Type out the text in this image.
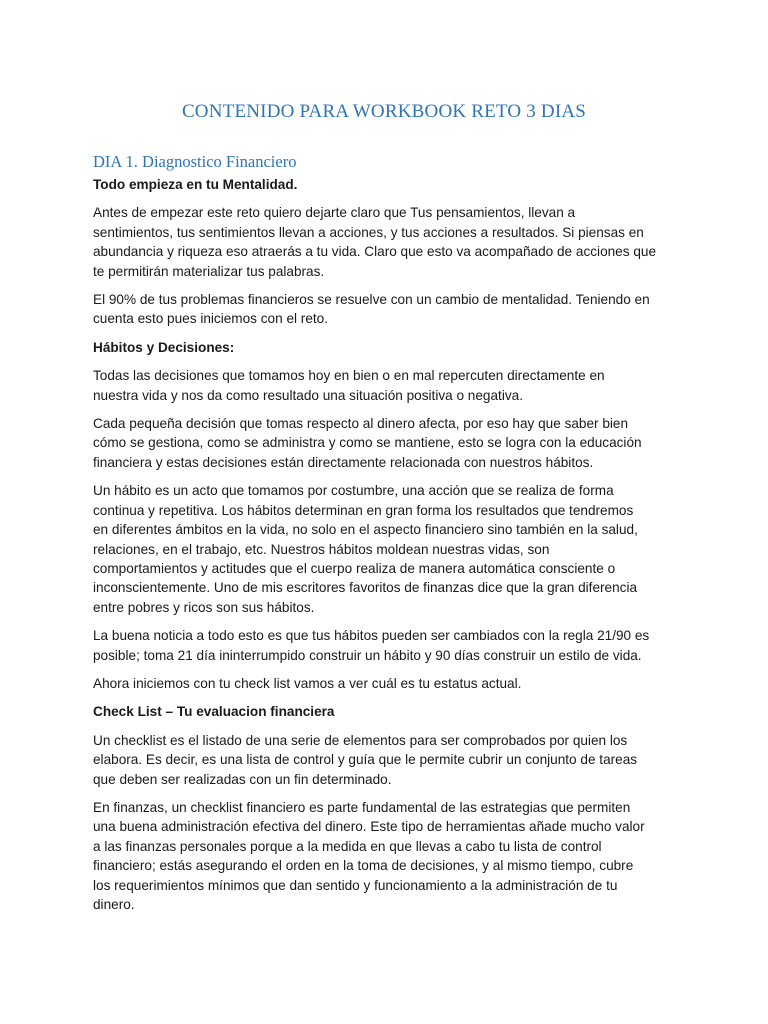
CONTENIDO PARA WORKBOOK RETO 3 DIAS
DIA 1. Diagnostico Financiero

Todo empieza en tu Mentalidad.

Antes de empezar este reto quiero dejarte claro que Tus pensamientos, llevan a
sentimientos, tus sentimientos llevan a acciones, y tus acciones a resultados. Si piensas en
abundancia y riqueza eso atraerás a tu vida. Claro que esto va acompañado de acciones que
te permitirán materializar tus palabras.

El 90% de tus problemas financieros se resuelve con un cambio de mentalidad. Teniendo en
cuenta esto pues iniciemos con el reto.

Hábitos y Decisiones:

Todas las decisiones que tomamos hoy en bien o en mal repercuten directamente en
nuestra vida y nos da como resultado una situación positiva o negativa.

Cada pequeña decisión que tomas respecto al dinero afecta, por eso hay que saber bien
cómo se gestiona, como se administra y como se mantiene, esto se logra con la educación
financiera y estas decisiones están directamente relacionada con nuestros hábitos.

Un hábito es un acto que tomamos por costumbre, una acción que se realiza de forma
continua y repetitiva. Los hábitos determinan en gran forma los resultados que tendremos
en diferentes ámbitos en la vida, no solo en el aspecto financiero sino también en la salud,
relaciones, en el trabajo, etc. Nuestros hábitos moldean nuestras vidas, son
comportamientos y actitudes que el cuerpo realiza de manera automática consciente o
inconscientemente. Uno de mis escritores favoritos de finanzas dice que la gran diferencia
entre pobres y ricos son sus hábitos.

La buena noticia a todo esto es que tus hábitos pueden ser cambiados con la regla 21/90 es
posible; toma 21 día ininterrumpido construir un hábito y 90 días construir un estilo de vida.

Ahora iniciemos con tu check list vamos a ver cuál es tu estatus actual.

Check List – Tu evaluacion financiera

Un checklist es el listado de una serie de elementos para ser comprobados por quien los
elabora. Es decir, es una lista de control y guía que le permite cubrir un conjunto de tareas
que deben ser realizadas con un fin determinado.

En finanzas, un checklist financiero es parte fundamental de las estrategias que permiten
una buena administración efectiva del dinero. Este tipo de herramientas añade mucho valor
a las finanzas personales porque a la medida en que llevas a cabo tu lista de control
financiero; estás asegurando el orden en la toma de decisiones, y al mismo tiempo, cubre
los requerimientos mínimos que dan sentido y funcionamiento a la administración de tu
dinero.
